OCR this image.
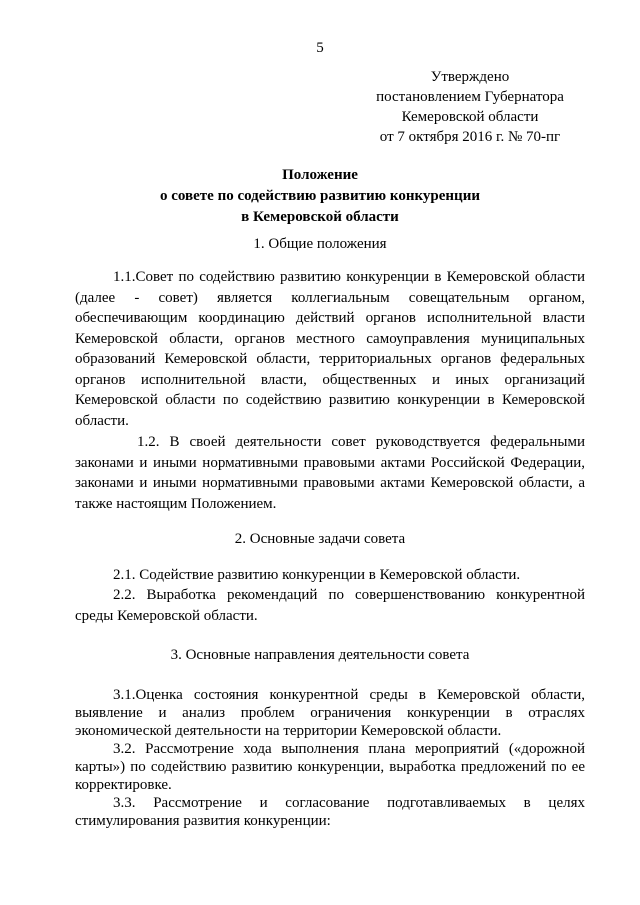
5
Утверждено
постановлением Губернатора
Кемеровской области
от 7 октября 2016 г. № 70-пг
Положение
о совете по содействию развитию конкуренции
в Кемеровской области
1. Общие положения
1.1.Совет по содействию развитию конкуренции в Кемеровской области (далее - совет) является коллегиальным совещательным органом, обеспечивающим координацию действий органов исполнительной власти Кемеровской области, органов местного самоуправления муниципальных образований Кемеровской области, территориальных органов федеральных органов исполнительной власти, общественных и иных организаций Кемеровской области по содействию развитию конкуренции в Кемеровской области.
1.2. В своей деятельности совет руководствуется федеральными законами и иными нормативными правовыми актами Российской Федерации, законами и иными нормативными правовыми актами Кемеровской области, а также настоящим Положением.
2. Основные задачи совета
2.1. Содействие развитию конкуренции в Кемеровской области.
2.2. Выработка рекомендаций по совершенствованию конкурентной среды Кемеровской области.
3. Основные направления деятельности совета
3.1.Оценка состояния конкурентной среды в Кемеровской области, выявление и анализ проблем ограничения конкуренции в отраслях экономической деятельности на территории Кемеровской области.
3.2. Рассмотрение хода выполнения плана мероприятий («дорожной карты») по содействию развитию конкуренции, выработка предложений по ее корректировке.
3.3. Рассмотрение и согласование подготавливаемых в целях стимулирования развития конкуренции:
